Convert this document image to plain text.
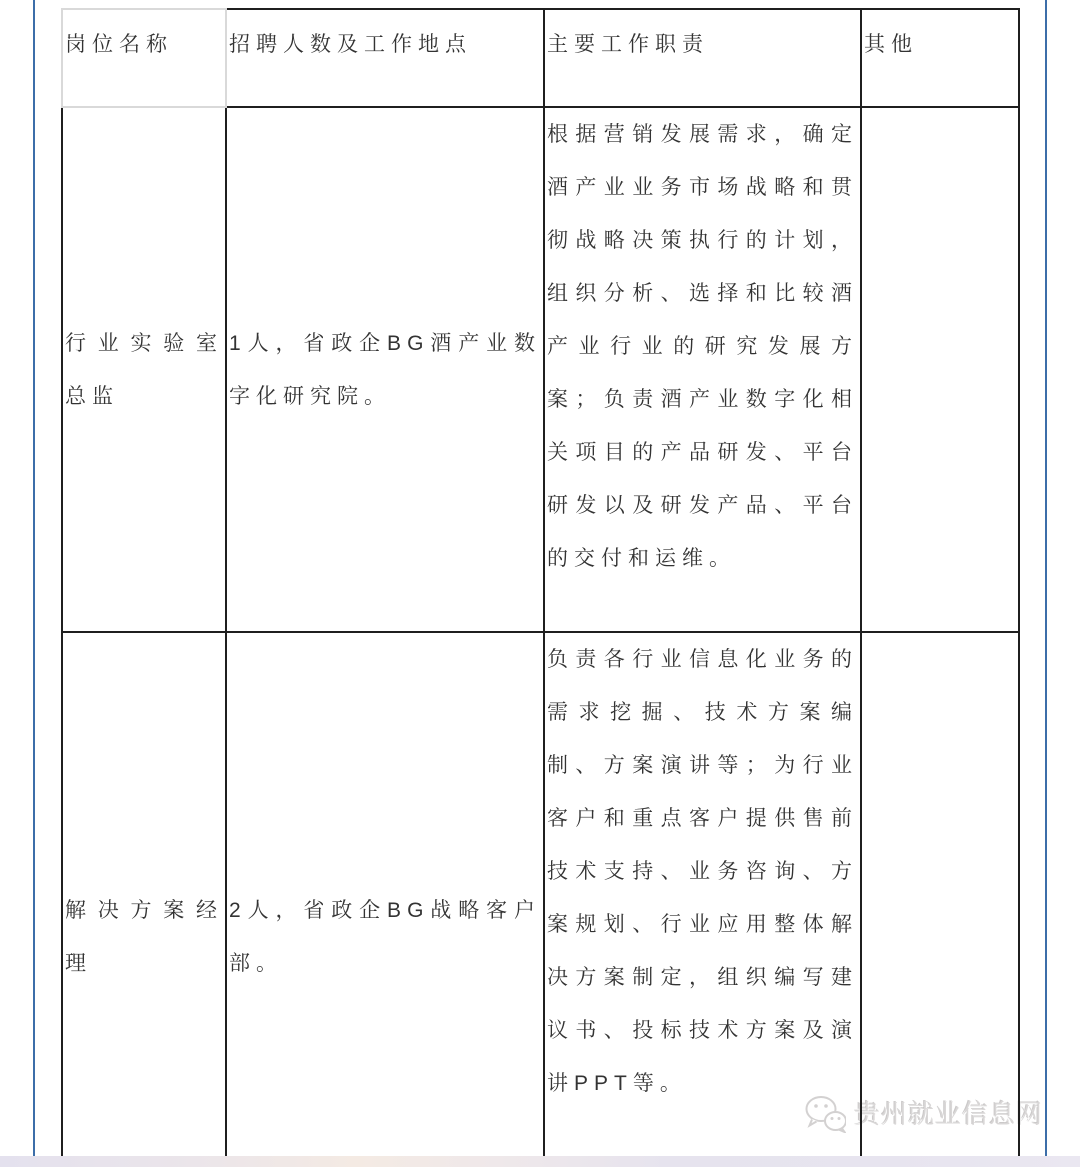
贵州就业信息网
岗位名称	招聘人数及工作地点	主要工作职责	其他
行业实验室总监	1人，省政企BG酒产业数字化研究院。	根据营销发展需求，确定酒产业业务市场战略和贯彻战略决策执行的计划，组织分析、选择和比较酒产业行业的研究发展方案；负责酒产业数字化相关项目的产品研发、平台研发以及研发产品、平台的交付和运维。	
解决方案经理	2人，省政企BG战略客户部。	负责各行业信息化业务的需求挖掘、技术方案编制、方案演讲等；为行业客户和重点客户提供售前技术支持、业务咨询、方案规划、行业应用整体解决方案制定，组织编写建议书、投标技术方案及演讲PPT等。	
